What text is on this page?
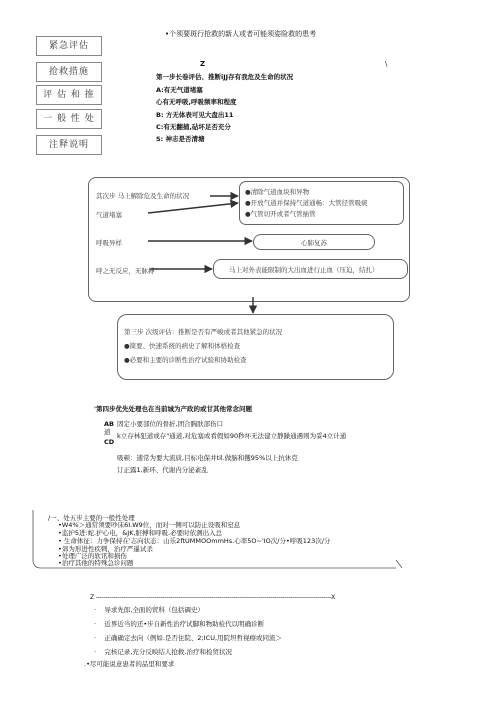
紧急评估
抢救措施
评 估 和 推
一 般 性 处
注释说明
•个须要斑行抢救的新人或者可能须姿险救的患考
Z	\
第一步长卷评估、推断iJJ存有我危及生命的状况
A:有无气道堵塞
心有无呼吸,呼吸频率和程度
B: 方无体表可见大盘出11
C:有无翻捕,砧坏足否充分
S: 神志是否清塘
其次步 马上解除危及生命的状况
气道堵塞
呼吸异样
呼之无反应，无脉搏
●清除气道血块和异物
●开放气道并保持气道通畅：大管径管吸痰
●气管切开或者气管插管
心肺复苏
马上对外表能限制的大出血进行止血（压迫，结扎）
第三步 次级评估：推断是否有严峻或者其他紧急的状况
●简要、快速系统的病史了解和体格检查
●必要和主要的诊断性治疗试验和协助检查
'第四步优先处理也在当前城为产政的或甘其他常念问题
AB
道
CD
固定小要部位的骨折,团合胸肤部伤口
k立存林犯道或存"通道,对危塞或看假如90秒坏无法建立静躁通遇则为妥4立计通
吸顿：逋常为要大流质,目标电保并til.做脑和攫95%以上抗休克
订正露1,新环、代谢内分泌紊乱
/一、处五步主要的一般性处理
•W4%＞通常须要吵床6I.W9位，而对一侧可以防止设吸和窒息
•监护5进:蛇.护心电，&JK,脏搏和呼吸.必要时依测出入总
• 生命体征：力争保持在'志向状态：山乐2ftUMMOOmmHs.心率5O~'IO次/分•呼吸123次/分
•郊为形进性疾剌，治疗严暹试杀
•处理广泛的软讯和损伤
•治疗其他的特殊急诊问题
Z ------------------------------------------------------------------------------------------------------------------------X
·    导求先郎,全面的贸科（包括碉史）
·    近界近当的还•步自新性治疗试脚和物助检代以明确诊断
·    正确确定去向（例如.是否住院、2;ICU,用院坦哲视瘵或同流＞
·    完核记录,充分反映结人抢救.治疗和检贸状况
.•尽可能说意患者的品里和要求
